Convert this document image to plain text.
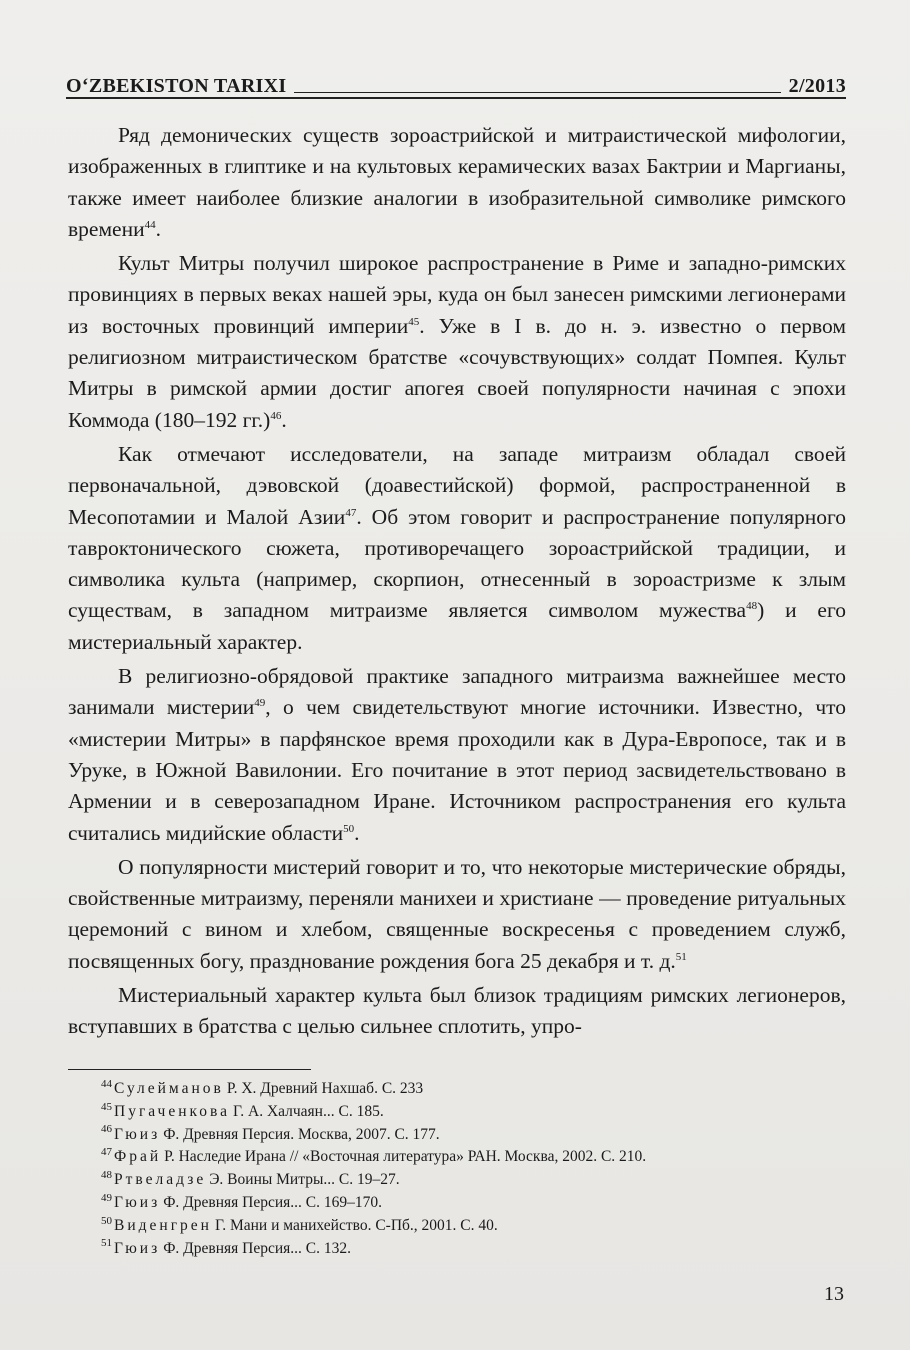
O‘ZBEKISTON TARIXI	2/2013

Ряд демонических существ зороастрийской и митраистической мифологии, изображенных в глиптике и на культовых керамических вазах Бактрии и Маргианы, также имеет наиболее близкие аналогии в изобразительной символике римского времени$^{44}$.

Культ Митры получил широкое распространение в Риме и западно-римских провинциях в первых веках нашей эры, куда он был занесен римскими легионерами из восточных провинций империи$^{45}$. Уже в I в. до н. э. известно о первом религиозном митраистическом братстве «сочувствующих» солдат Помпея. Культ Митры в римской армии достиг апогея своей популярности начиная с эпохи Коммода (180–192 гг.)$^{46}$.

Как отмечают исследователи, на западе митраизм обладал своей первоначальной, дэвовской (доавестийской) формой, распространенной в Месопотамии и Малой Азии$^{47}$. Об этом говорит и распространение популярного тавроктонического сюжета, противоречащего зороастрийской традиции, и символика культа (например, скорпион, отнесенный в зороастризме к злым существам, в западном митраизме является символом мужества$^{48}$) и его мистериальный характер.

В религиозно-обрядовой практике западного митраизма важнейшее место занимали мистерии$^{49}$, о чем свидетельствуют многие источники. Известно, что «мистерии Митры» в парфянское время проходили как в Дура-Европосе, так и в Уруке, в Южной Вавилонии. Его почитание в этот период засвидетельствовано в Армении и в северозападном Иране. Источником распространения его культа считались мидийские области$^{50}$.

О популярности мистерий говорит и то, что некоторые мистерические обряды, свойственные митраизму, переняли манихеи и христиане — проведение ритуальных церемоний с вином и хлебом, священные воскресенья с проведением служб, посвященных богу, празднование рождения бога 25 декабря и т. д.$^{51}$

Мистериальный характер культа был близок традициям римских легионеров, вступавших в братства с целью сильнее сплотить, упро-

$^{44}$ Сулейманов Р. Х. Древний Нахшаб. С. 233
$^{45}$ Пугаченкова Г. А. Халчаян... С. 185.
$^{46}$ Гюиз Ф. Древняя Персия. Москва, 2007. С. 177.
$^{47}$ Фрай Р. Наследие Ирана // «Восточная литература» РАН. Москва, 2002. С. 210.
$^{48}$ Ртвеладзе Э. Воины Митры... С. 19–27.
$^{49}$ Гюиз Ф. Древняя Персия... С. 169–170.
$^{50}$ Виденгрен Г. Мани и манихейство. С-Пб., 2001. С. 40.
$^{51}$ Гюиз Ф. Древняя Персия... С. 132.
13
